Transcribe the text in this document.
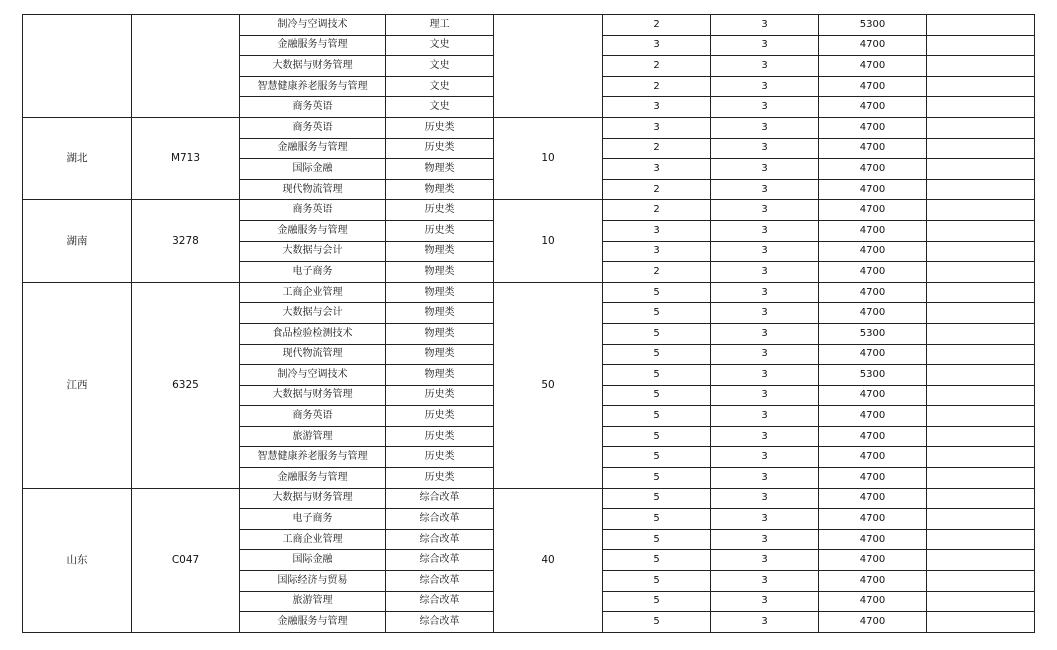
		制冷与空调技术	理工		2	3	5300	
		金融服务与管理	文史		3	3	4700	
		大数据与财务管理	文史		2	3	4700	
		智慧健康养老服务与管理	文史		2	3	4700	
		商务英语	文史		3	3	4700	
湖北	M713	商务英语	历史类	10	3	3	4700	
		金融服务与管理	历史类		2	3	4700	
		国际金融	物理类		3	3	4700	
		现代物流管理	物理类		2	3	4700	
湖南	3278	商务英语	历史类	10	2	3	4700	
		金融服务与管理	历史类		3	3	4700	
		大数据与会计	物理类		3	3	4700	
		电子商务	物理类		2	3	4700	
江西	6325	工商企业管理	物理类	50	5	3	4700	
		大数据与会计	物理类		5	3	4700	
		食品检验检测技术	物理类		5	3	5300	
		现代物流管理	物理类		5	3	4700	
		制冷与空调技术	物理类		5	3	5300	
		大数据与财务管理	历史类		5	3	4700	
		商务英语	历史类		5	3	4700	
		旅游管理	历史类		5	3	4700	
		智慧健康养老服务与管理	历史类		5	3	4700	
		金融服务与管理	历史类		5	3	4700	
山东	C047	大数据与财务管理	综合改革	40	5	3	4700	
		电子商务	综合改革		5	3	4700	
		工商企业管理	综合改革		5	3	4700	
		国际金融	综合改革		5	3	4700	
		国际经济与贸易	综合改革		5	3	4700	
		旅游管理	综合改革		5	3	4700	
		金融服务与管理	综合改革		5	3	4700	
